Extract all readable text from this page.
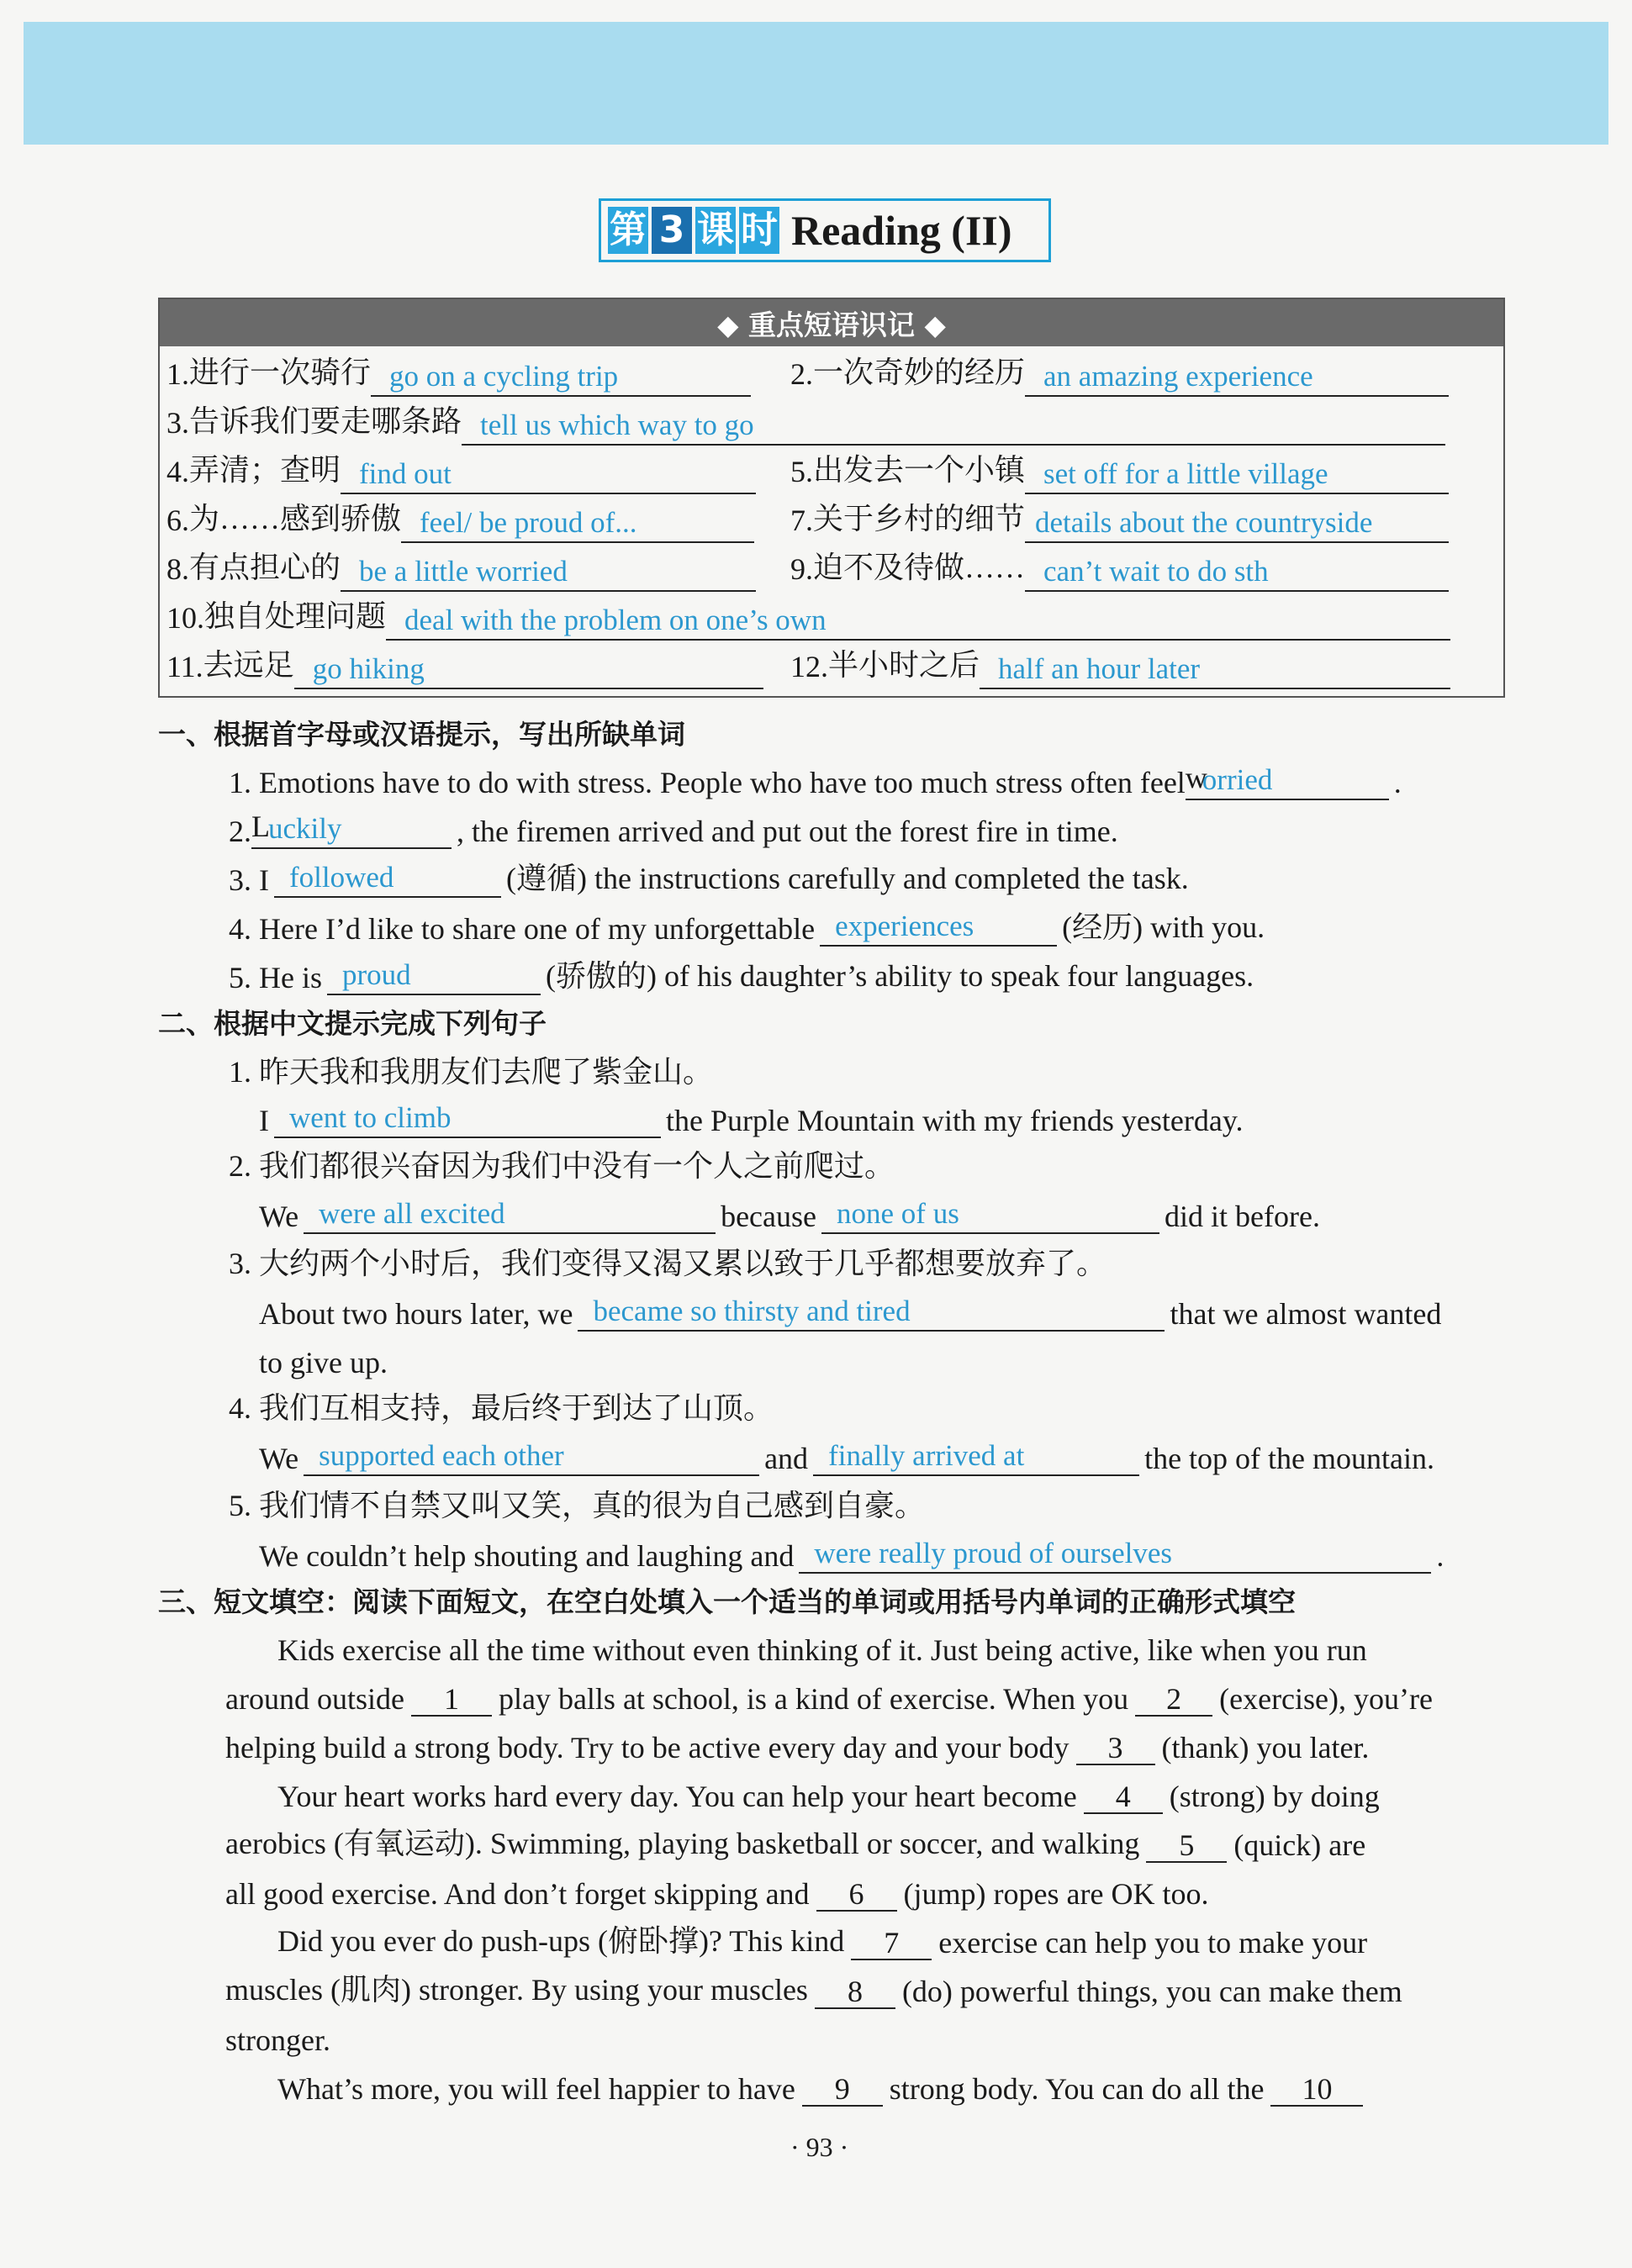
第 3 课 时 Reading (II)
◆ 重点短语识记 ◆
1. 进行一次骑行 go on a cycling trip	2. 一次奇妙的经历 an amazing experience
3. 告诉我们要走哪条路 tell us which way to go
4. 弄清；查明 find out	5. 出发去一个小镇 set off for a little village
6. 为……感到骄傲 feel/ be proud of...	7. 关于乡村的细节 details about the countryside
8. 有点担心的 be a little worried	9. 迫不及待做…… can’t wait to do sth
10. 独自处理问题 deal with the problem on one’s own
11. 去远足 go hiking	12. 半小时之后 half an hour later
一、根据首字母或汉语提示，写出所缺单词
1. Emotions have to do with stress. People who have too much stress often feel w
orried	.
2. L
uckily	, the firemen arrived and put out the forest fire in time.
3. I followed	(遵循) the instructions carefully and completed the task.
4. Here I’d like to share one of my unforgettable experiences	(经历) with you.
5. He is proud	(骄傲的) of his daughter’s ability to speak four languages.
二、根据中文提示完成下列句子
1. 昨天我和我朋友们去爬了紫金山。
I went to climb	the Purple Mountain with my friends yesterday.
2. 我们都很兴奋因为我们中没有一个人之前爬过。
We were all excited	because none of us	did it before.
3. 大约两个小时后，我们变得又渴又累以致于几乎都想要放弃了。
About two hours later, we became so thirsty and tired	that we almost wanted
to give up.
4. 我们互相支持，最后终于到达了山顶。
We supported each other	and finally arrived at	the top of the mountain.
5. 我们情不自禁又叫又笑，真的很为自己感到自豪。
We couldn’t help shouting and laughing and were really proud of ourselves	.
三、短文填空：阅读下面短文，在空白处填入一个适当的单词或用括号内单词的正确形式填空
Kids exercise all the time without even thinking of it. Just being active, like when you run
around outside	1	play balls at school, is a kind of exercise. When you	2	(exercise), you’re
helping build a strong body. Try to be active every day and your body	3	(thank) you later.
Your heart works hard every day. You can help your heart become	4	(strong) by doing
aerobics (有氧运动). Swimming, playing basketball or soccer, and walking	5	(quick) are
all good exercise. And don’t forget skipping and	6	(jump) ropes are OK too.
Did you ever do push-ups (俯卧撑)? This kind	7	exercise can help you to make your
muscles (肌肉) stronger. By using your muscles	8	(do) powerful things, you can make them
stronger.
What’s more, you will feel happier to have	9	strong body. You can do all the	10
· 93 ·
